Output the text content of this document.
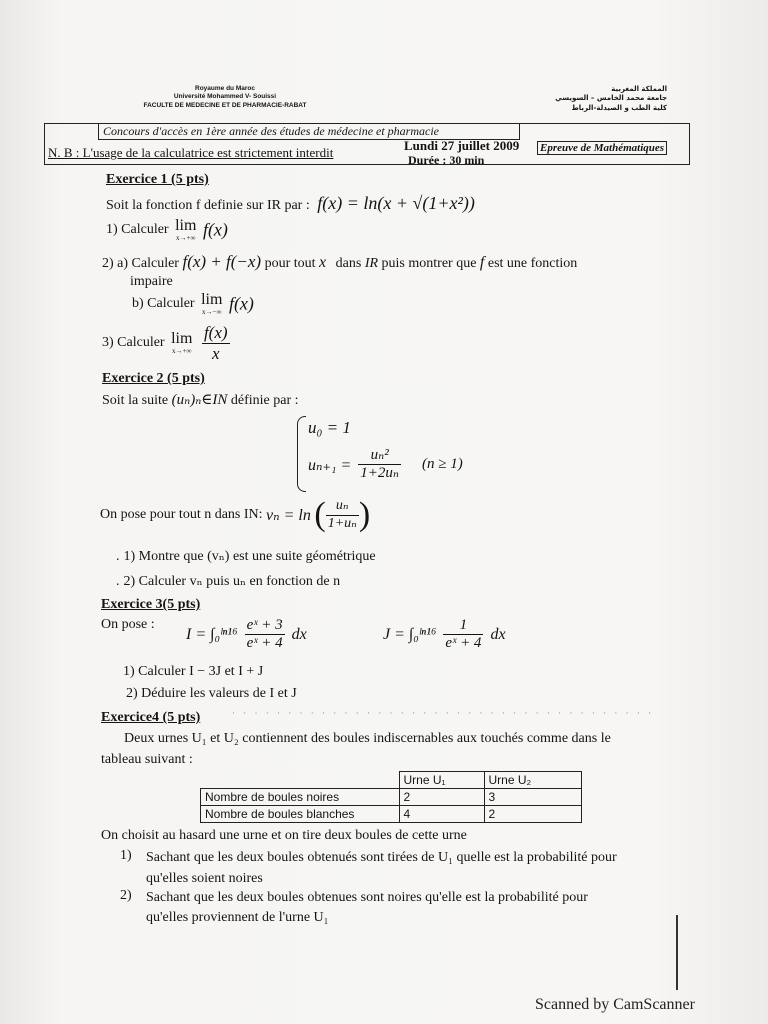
Royaume du Maroc
Université Mohammed V- Souissi
FACULTE DE MEDECINE ET DE PHARMACIE-RABAT
المملكة المغربية
جامعة محمد الخامس – السويسي
كلية الطب و الصيدلة-الرباط
Concours d'accès en 1ère année des études de médecine et pharmacie
N. B : L'usage de la calculatrice est strictement interdit	Lundi 27 juillet 2009
Durée : 30 min
Epreuve de Mathématiques
Exercice 1 (5 pts)
Soit la fonction f definie sur IR par : f(x) = ln(x + √(1+x²))
1) Calculer lim
x→+∞ f(x)
2) a) Calculer f(x) + f(−x) pour tout x dans IR puis montrer que f est une fonction
impaire
b) Calculer lim
x→−∞ f(x)
3) Calculer lim
x→+∞
$\frac{f(x)}{x}$
Exercice 2 (5 pts)
Soit la suite (uₙ)ₙ∈IN définie par :
u₀ = 1
$u_{n+1} = \frac{\text{uₙ²}}{\text{1+2uₙ}} (n \ge 1)$
On pose pour tout n dans IN: vₙ = ln ( $\frac{\text{uₙ}}{\text{1+uₙ}}$ )
. 1) Montre que (vₙ) est une suite géométrique
. 2) Calculer vₙ puis uₙ en fonction de n
Exercice 3(5 pts)
On pose :
I = ∫₀ˡⁿ¹⁶ $\frac{\text{eˣ + 3}}{\text{eˣ + 4}}$ dx	J = ∫₀ˡⁿ¹⁶ $\frac{1}{\text{eˣ + 4}}$ dx
1) Calculer I − 3J et I + J
2) Déduire les valeurs de I et J
Exercice4 (5 pts)	· · · · · · · · · · · · · · · · · · · · · · · · · · · · · · · · · · · · · ·
Deux urnes U₁ et U₂ contiennent des boules indiscernables aux touchés comme dans le
tableau suivant :
	Urne U₁	Urne U₂
Nombre de boules noires	2	3
Nombre de boules blanches	4	2
On choisit au hasard une urne et on tire deux boules de cette urne
1) Sachant que les deux boules obtenués sont tirées de U₁ quelle est la probabilité pour
qu'elles soient noires
2) Sachant que les deux boules obtenues sont noires qu'elle est la probabilité pour
qu'elles proviennent de l'urne U₁
Scanned by CamScanner
